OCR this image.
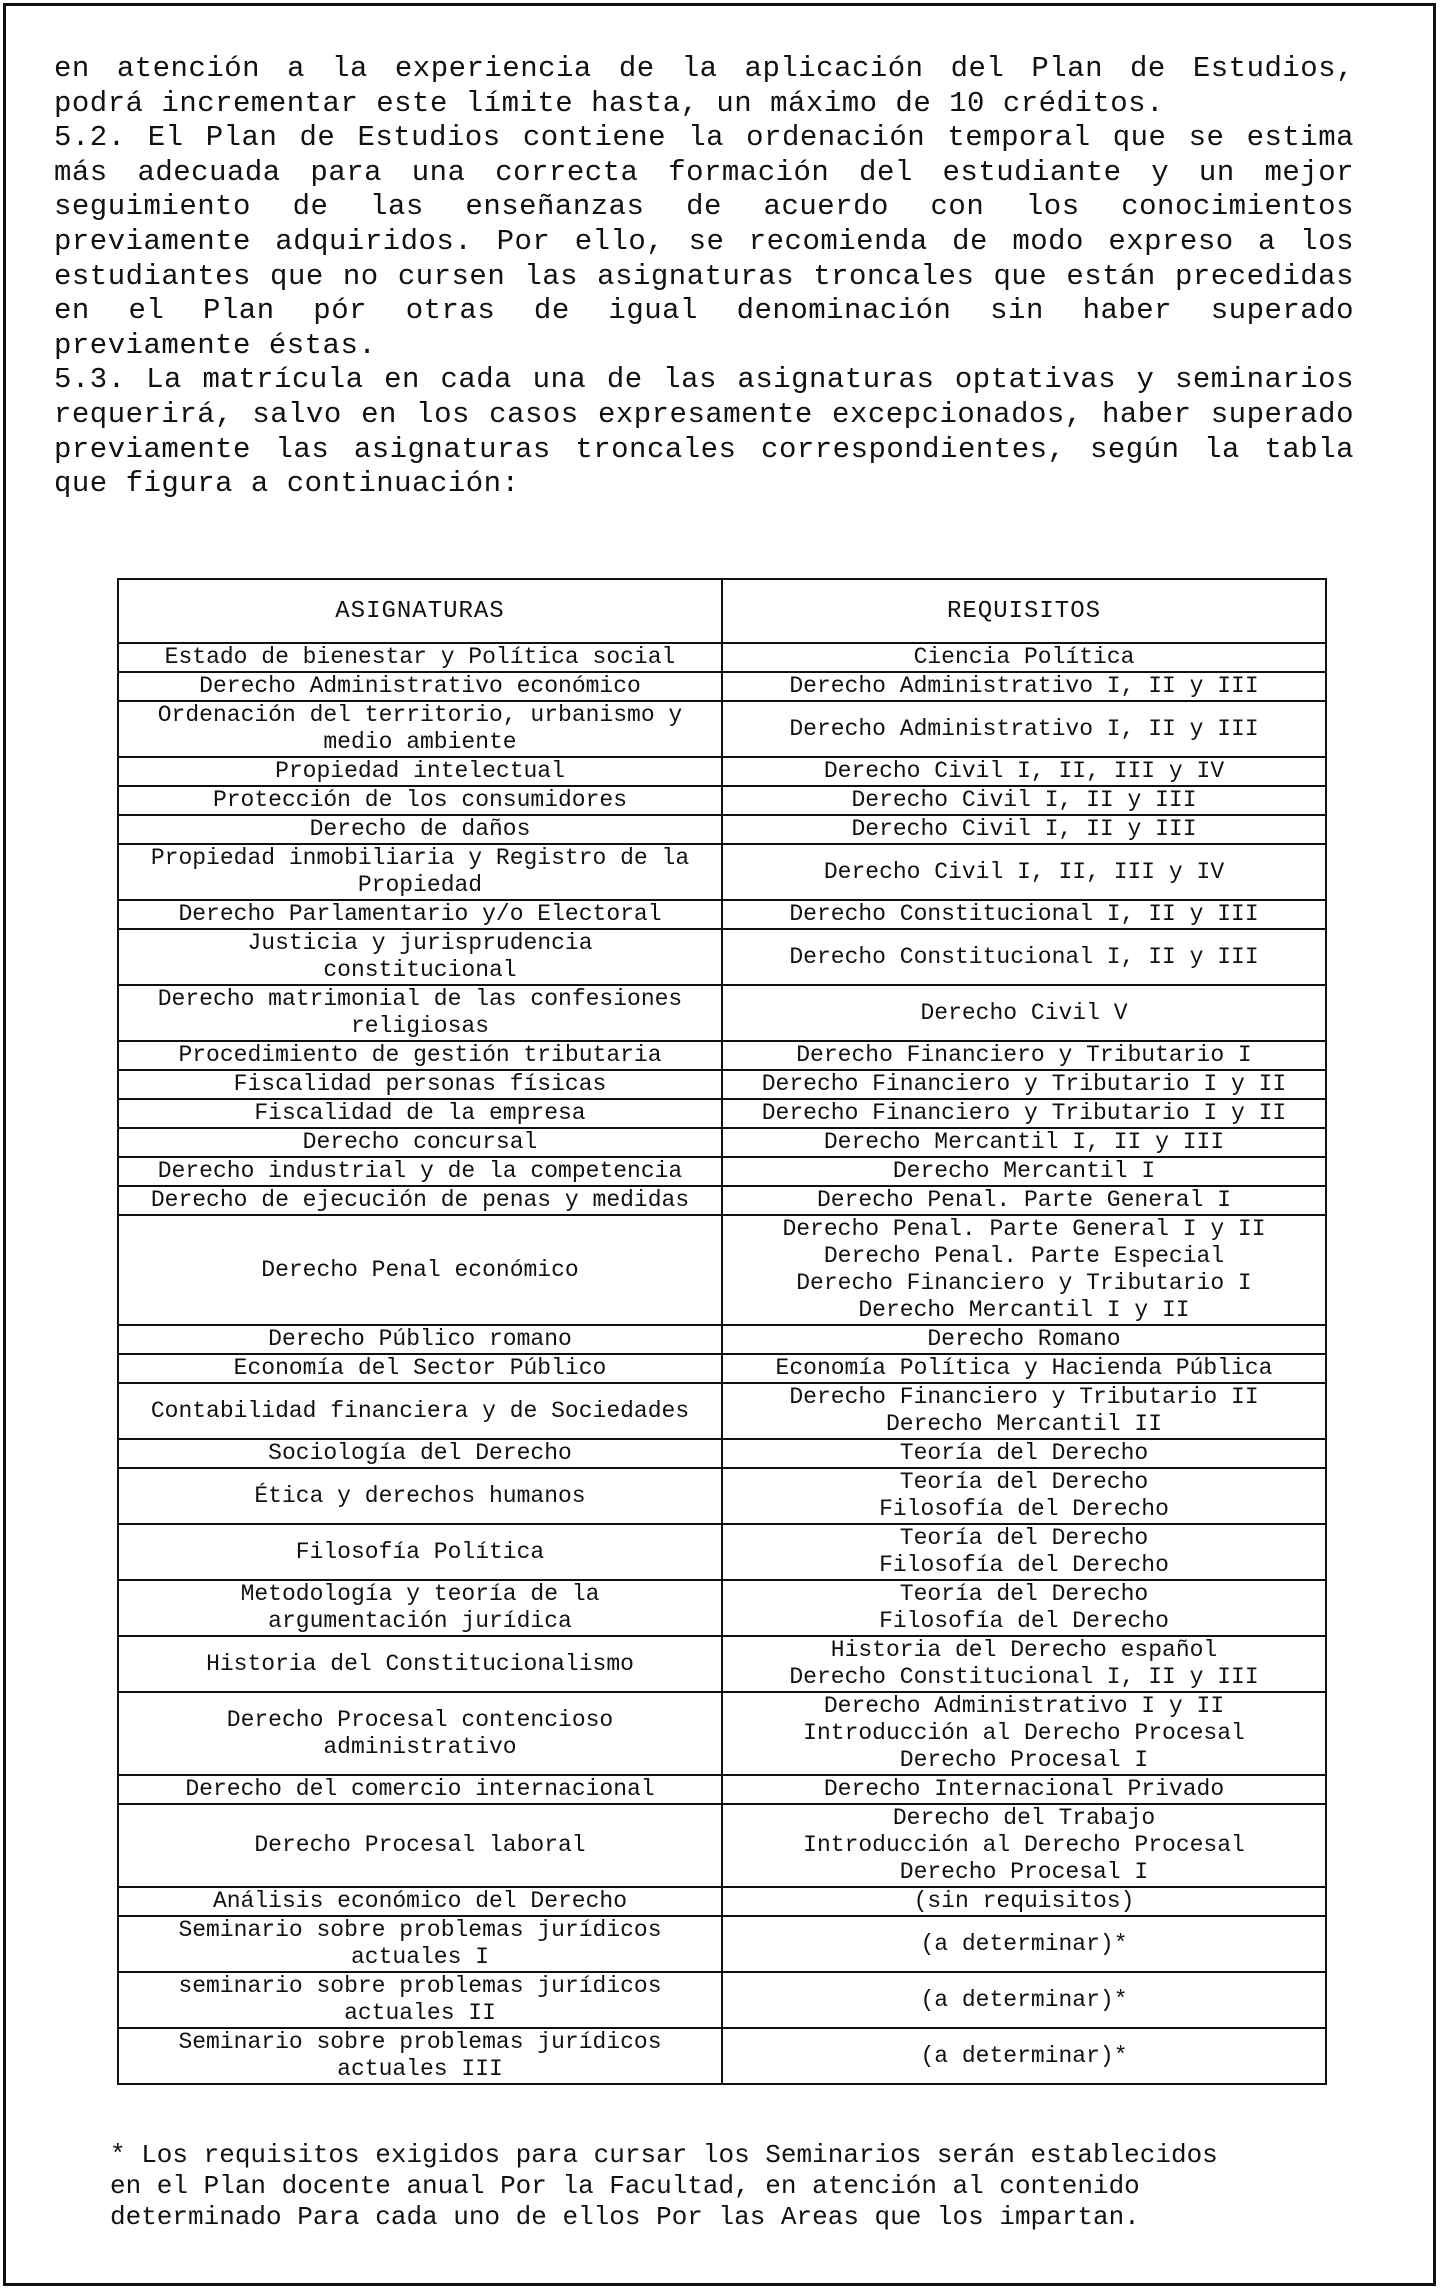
en atención a la experiencia de la aplicación del Plan de Estudios, podrá incrementar este límite hasta, un máximo de 10 créditos.

5.2. El Plan de Estudios contiene la ordenación temporal que se estima más adecuada para una correcta formación del estudiante y un mejor seguimiento de las enseñanzas de acuerdo con los conocimientos previamente adquiridos. Por ello, se recomienda de modo expreso a los estudiantes que no cursen las asignaturas troncales que están precedidas en el Plan pór otras de igual denominación sin haber superado previamente éstas.

5.3. La matrícula en cada una de las asignaturas optativas y seminarios requerirá, salvo en los casos expresamente excepcionados, haber superado previamente las asignaturas troncales correspondientes, según la tabla que figura a continuación:

ASIGNATURAS	REQUISITOS

Estado de bienestar y Política social	Ciencia Política

Derecho Administrativo económico	Derecho Administrativo I, II y III

Ordenación del territorio, urbanismo y
medio ambiente	Derecho Administrativo I, II y III

Propiedad intelectual	Derecho Civil I, II, III y IV

Protección de los consumidores	Derecho Civil I, II y III

Derecho de daños	Derecho Civil I, II y III

Propiedad inmobiliaria y Registro de la
Propiedad	Derecho Civil I, II, III y IV

Derecho Parlamentario y/o Electoral	Derecho Constitucional I, II y III

Justicia y jurisprudencia
constitucional	Derecho Constitucional I, II y III

Derecho matrimonial de las confesiones
religiosas	Derecho Civil V

Procedimiento de gestión tributaria	Derecho Financiero y Tributario I

Fiscalidad personas físicas	Derecho Financiero y Tributario I y II

Fiscalidad de la empresa	Derecho Financiero y Tributario I y II

Derecho concursal	Derecho Mercantil I, II y III

Derecho industrial y de la competencia	Derecho Mercantil I

Derecho de ejecución de penas y medidas	Derecho Penal. Parte General I

Derecho Penal económico	Derecho Penal. Parte General I y II
Derecho Penal. Parte Especial
Derecho Financiero y Tributario I
Derecho Mercantil I y II

Derecho Público romano	Derecho Romano

Economía del Sector Público	Economía Política y Hacienda Pública

Contabilidad financiera y de Sociedades	Derecho Financiero y Tributario II
Derecho Mercantil II

Sociología del Derecho	Teoría del Derecho

Ética y derechos humanos	Teoría del Derecho
Filosofía del Derecho

Filosofía Política	Teoría del Derecho
Filosofía del Derecho

Metodología y teoría de la
argumentación jurídica	Teoría del Derecho
Filosofía del Derecho

Historia del Constitucionalismo	Historia del Derecho español
Derecho Constitucional I, II y III

Derecho Procesal contencioso
administrativo	Derecho Administrativo I y II
Introducción al Derecho Procesal
Derecho Procesal I

Derecho del comercio internacional	Derecho Internacional Privado

Derecho Procesal laboral	Derecho del Trabajo
Introducción al Derecho Procesal
Derecho Procesal I

Análisis económico del Derecho	(sin requisitos)

Seminario sobre problemas jurídicos
actuales I	(a determinar)*

seminario sobre problemas jurídicos
actuales II	(a determinar)*

Seminario sobre problemas jurídicos
actuales III	(a determinar)*
* Los requisitos exigidos para cursar los Seminarios serán establecidos
en el Plan docente anual Por la Facultad, en atención al contenido
determinado Para cada uno de ellos Por las Areas que los impartan.
